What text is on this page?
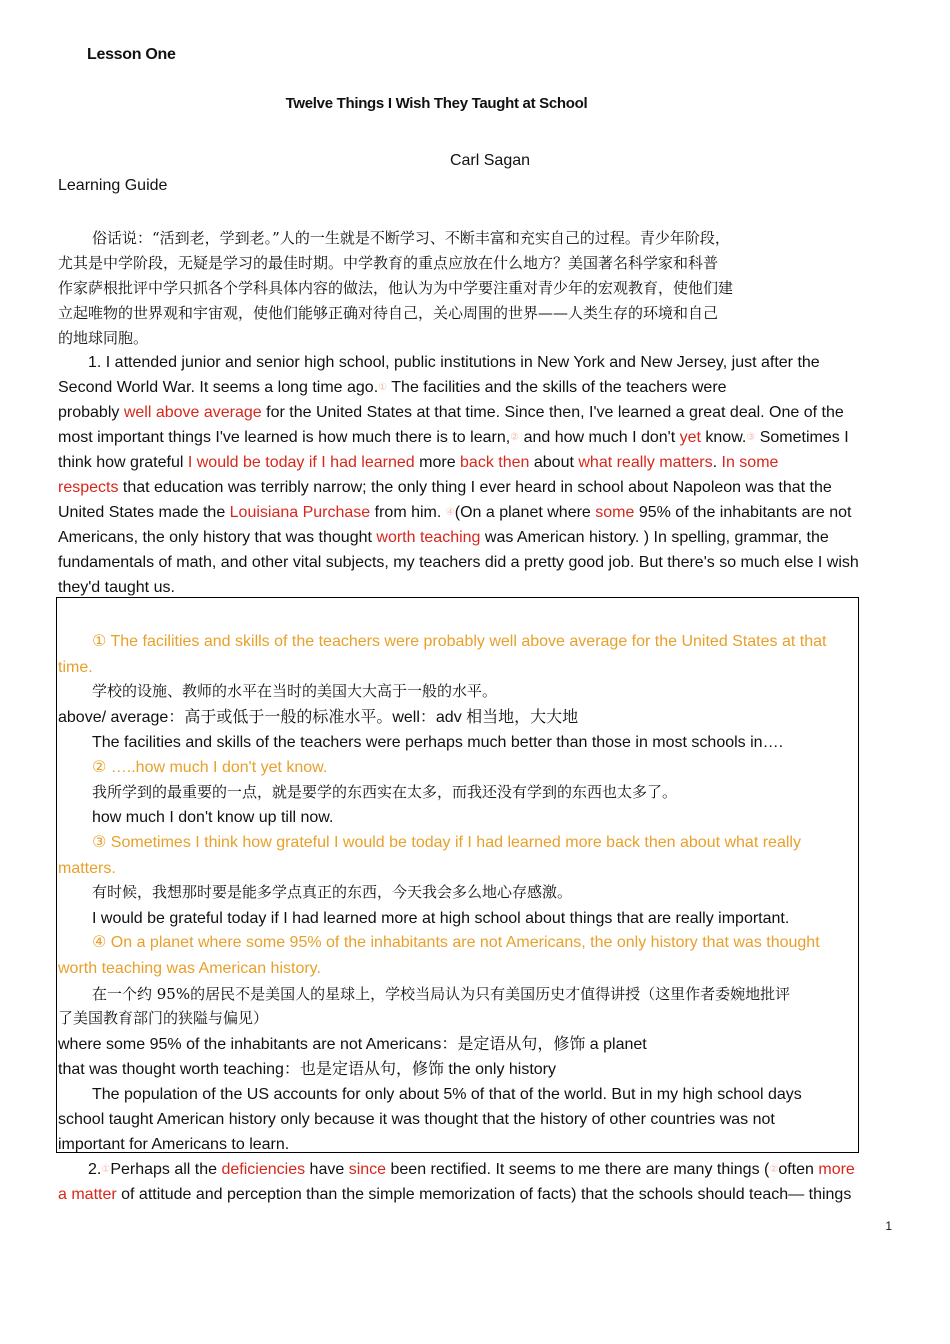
Lesson One
Twelve Things I Wish They Taught at School
Carl Sagan
Learning Guide
俗话说：“活到老，学到老。”人的一生就是不断学习、不断丰富和充实自己的过程。青少年阶段，
尤其是中学阶段，无疑是学习的最佳时期。中学教育的重点应放在什么地方？美国著名科学家和科普
作家萨根批评中学只抓各个学科具体内容的做法，他认为为中学要注重对青少年的宏观教育，使他们建
立起唯物的世界观和宇宙观，使他们能够正确对待自己，关心周围的世界——人类生存的环境和自己
的地球同胞。
1. I attended junior and senior high school, public institutions in New York and New Jersey, just after the
Second World War. It seems a long time ago.① The facilities and the skills of the teachers were
probably well above average for the United States at that time. Since then, I've learned a great deal. One of the
most important things I've learned is how much there is to learn,② and how much I don't yet know.③ Sometimes I
think how grateful I would be today if I had learned more back then about what really matters. In some
respects that education was terribly narrow; the only thing I ever heard in school about Napoleon was that the
United States made the Louisiana Purchase from him. ④(On a planet where some 95% of the inhabitants are not
Americans, the only history that was thought worth teaching was American history. ) In spelling, grammar, the
fundamentals of math, and other vital subjects, my teachers did a pretty good job. But there's so much else I wish
they'd taught us.
① The facilities and skills of the teachers were probably well above average for the United States at that
time.
学校的设施、教师的水平在当时的美国大大高于一般的水平。
above/ average：高于或低于一般的标准水平。well：adv 相当地，大大地
The facilities and skills of the teachers were perhaps much better than those in most schools in….
② …..how much I don't yet know.
我所学到的最重要的一点，就是要学的东西实在太多，而我还没有学到的东西也太多了。
how much I don't know up till now.
③ Sometimes I think how grateful I would be today if I had learned more back then about what really
matters.
有时候，我想那时要是能多学点真正的东西，今天我会多么地心存感激。
I would be grateful today if I had learned more at high school about things that are really important.
④ On a planet where some 95% of the inhabitants are not Americans, the only history that was thought
worth teaching was American history.
在一个约 95%的居民不是美国人的星球上，学校当局认为只有美国历史才值得讲授（这里作者委婉地批评
了美国教育部门的狭隘与偏见）
where some 95% of the inhabitants are not Americans：是定语从句，修饰 a planet
that was thought worth teaching：也是定语从句，修饰 the only history
The population of the US accounts for only about 5% of that of the world. But in my high school days
school taught American history only because it was thought that the history of other countries was not
important for Americans to learn.
2.①Perhaps all the deficiencies have since been rectified. It seems to me there are many things (②often more
a matter of attitude and perception than the simple memorization of facts) that the schools should teach— things
1
